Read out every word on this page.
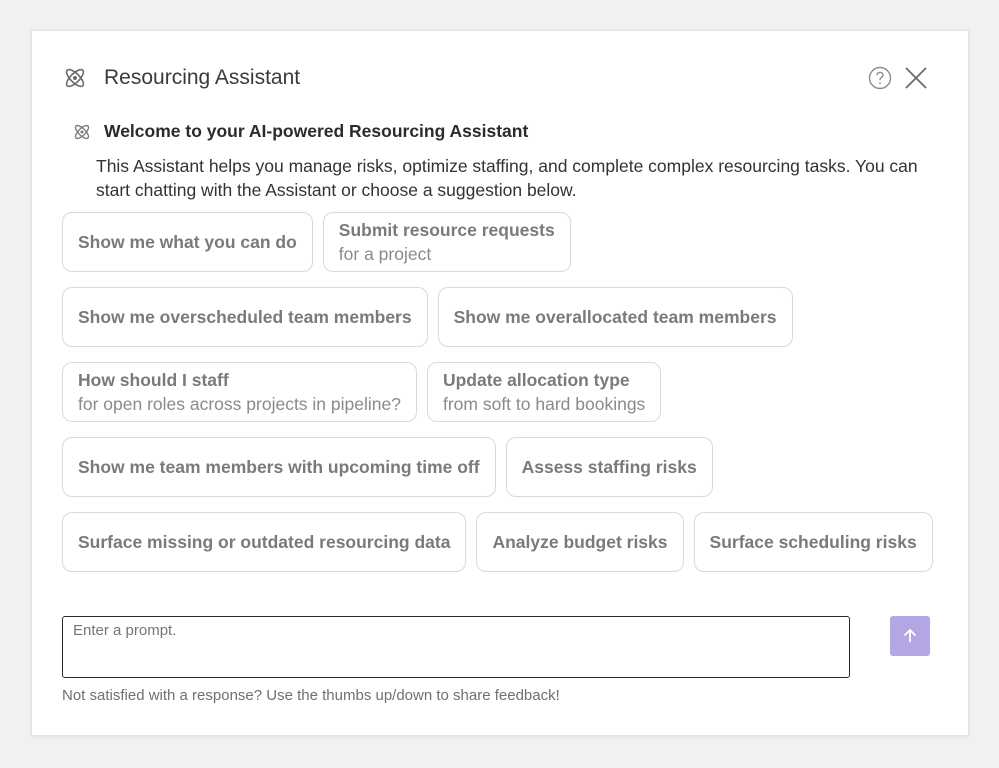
Resourcing Assistant
Welcome to your AI-powered Resourcing Assistant

This Assistant helps you manage risks, optimize staffing, and complete complex resourcing tasks. You can start chatting with the Assistant or choose a suggestion below.

Show me what you can do
Submit resource requests
for a project
Show me overscheduled team members Show me overallocated team members
How should I staff
for open roles across projects in pipeline?
Update allocation type
from soft to hard bookings
Show me team members with upcoming time off Assess staffing risks
Surface missing or outdated resourcing data Analyze budget risks Surface scheduling risks
Enter a prompt.

Not satisfied with a response? Use the thumbs up/down to share feedback!
